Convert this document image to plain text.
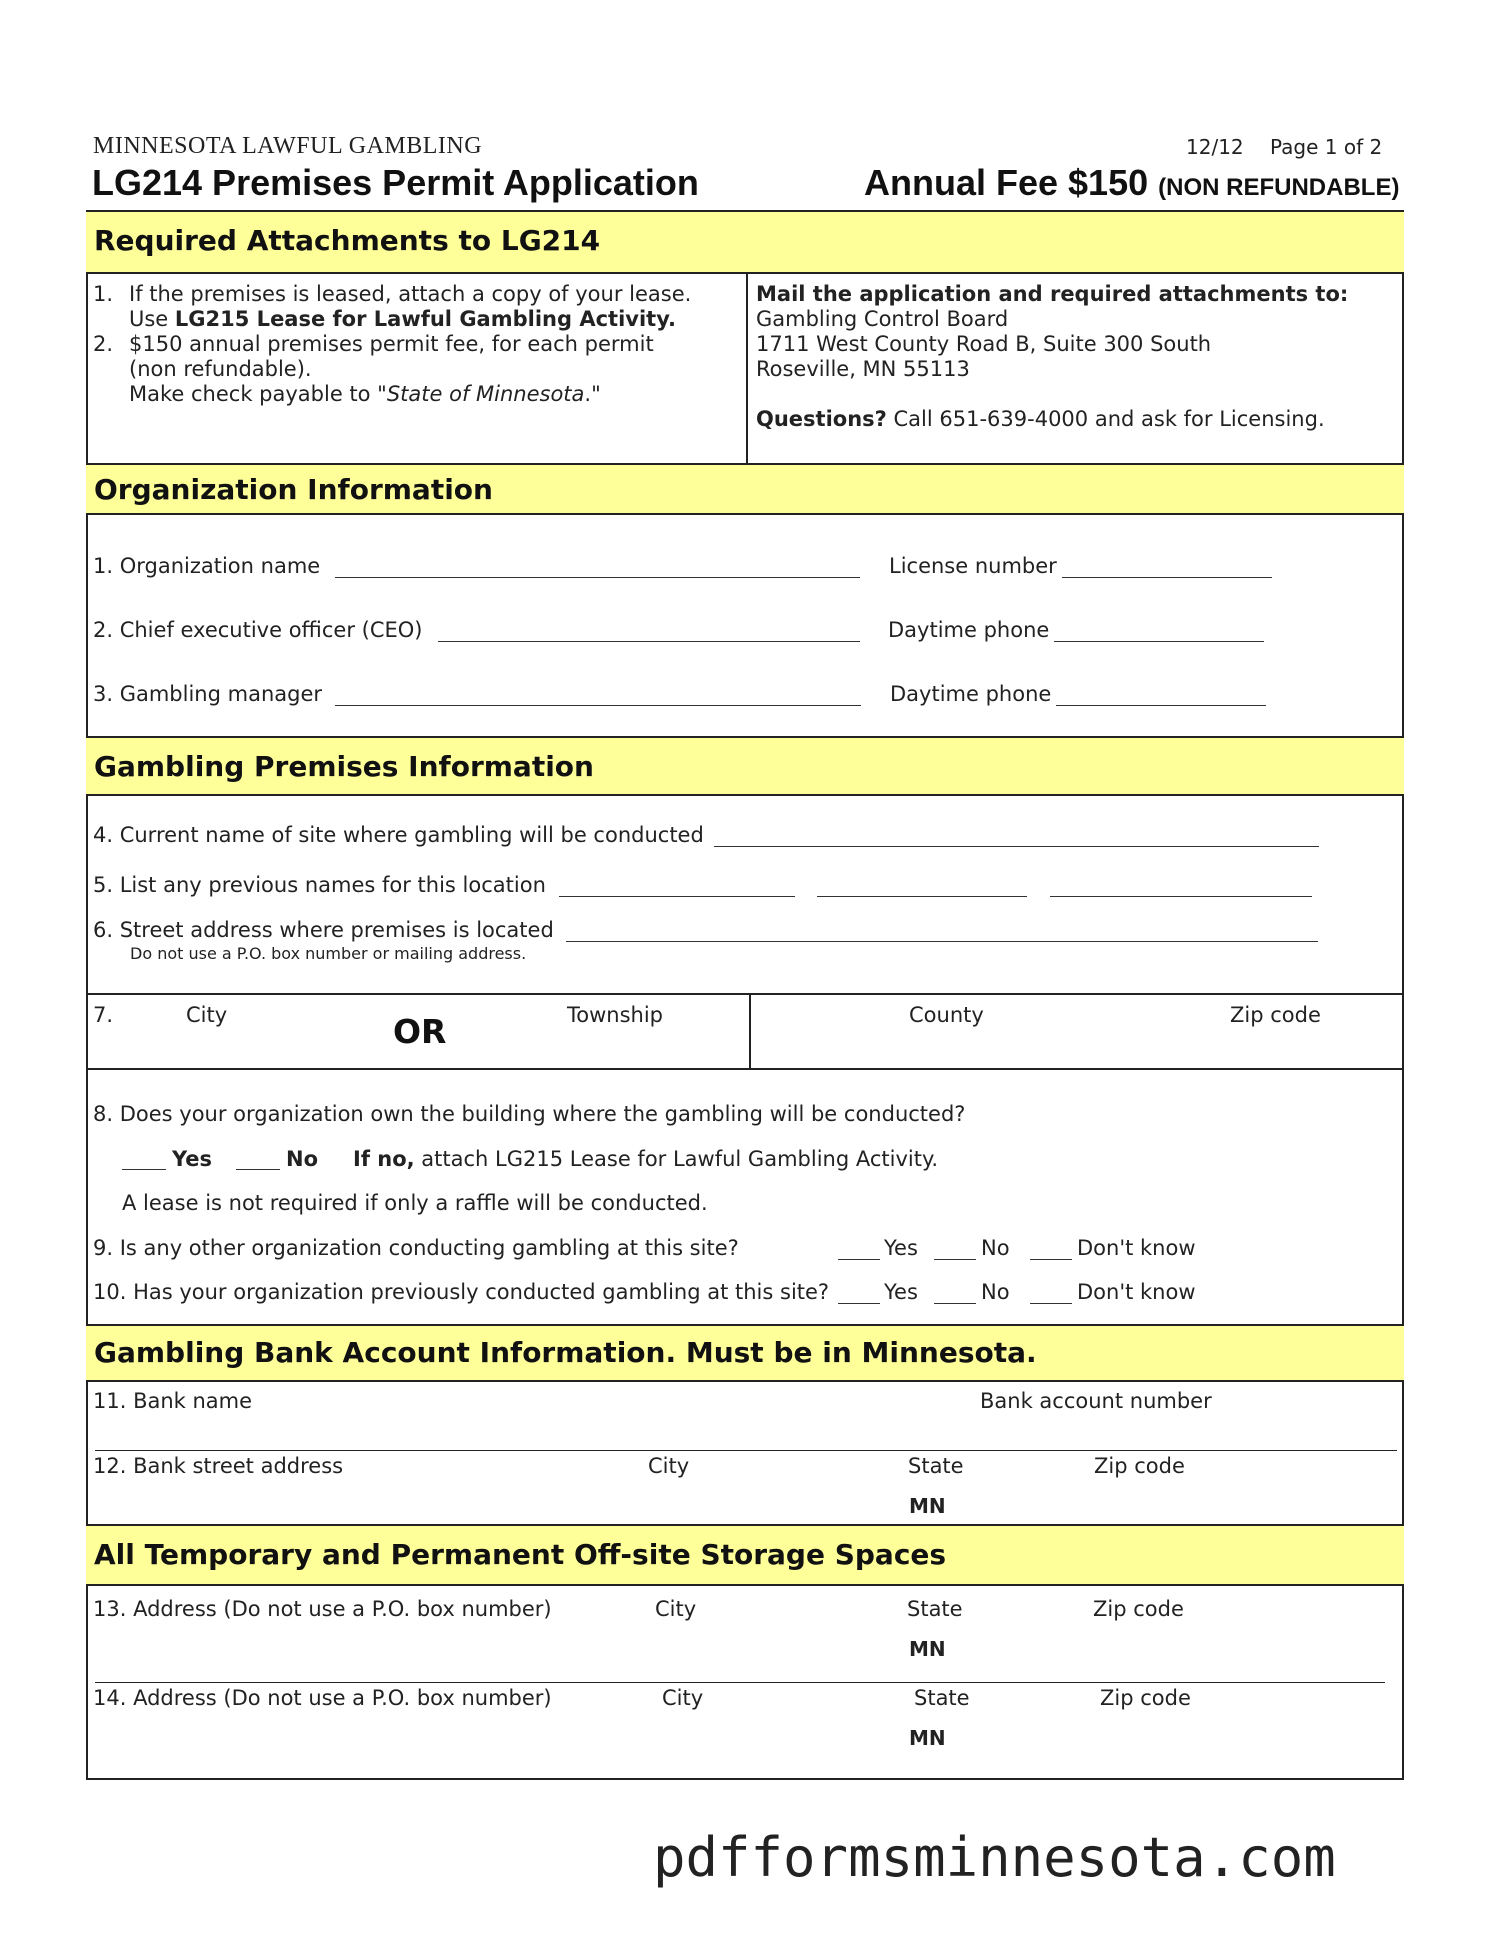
MINNESOTA LAWFUL GAMBLING	12/12 Page 1 of 2
LG214 Premises Permit Application	Annual Fee $150 (NON REFUNDABLE)
Required Attachments to LG214
1. If the premises is leased, attach a copy of your lease.
Use LG215 Lease for Lawful Gambling Activity.
2. $150 annual premises permit fee, for each permit
(non refundable).
Make check payable to "State of Minnesota."
Mail the application and required attachments to:
Gambling Control Board
1711 West County Road B, Suite 300 South
Roseville, MN 55113
Questions? Call 651-639-4000 and ask for Licensing.
Organization Information
1. Organization name	License number
2. Chief executive officer (CEO)	Daytime phone
3. Gambling manager	Daytime phone
Gambling Premises Information
4. Current name of site where gambling will be conducted
5. List any previous names for this location
6. Street address where premises is located
Do not use a P.O. box number or mailing address.
7.	City	OR	Township	County	Zip code
8. Does your organization own the building where the gambling will be conducted?
Yes	No If no, attach LG215 Lease for Lawful Gambling Activity.
A lease is not required if only a raffle will be conducted.
9. Is any other organization conducting gambling at this site?	Yes	No	Don't know
10. Has your organization previously conducted gambling at this site?	Yes	No	Don't know
Gambling Bank Account Information. Must be in Minnesota.
11. Bank name	Bank account number
12. Bank street address	City	State	Zip code
MN
All Temporary and Permanent Off-site Storage Spaces
13. Address (Do not use a P.O. box number)	City	State	Zip code
MN
14. Address (Do not use a P.O. box number)	City	State	Zip code
MN
pdfformsminnesota.com
